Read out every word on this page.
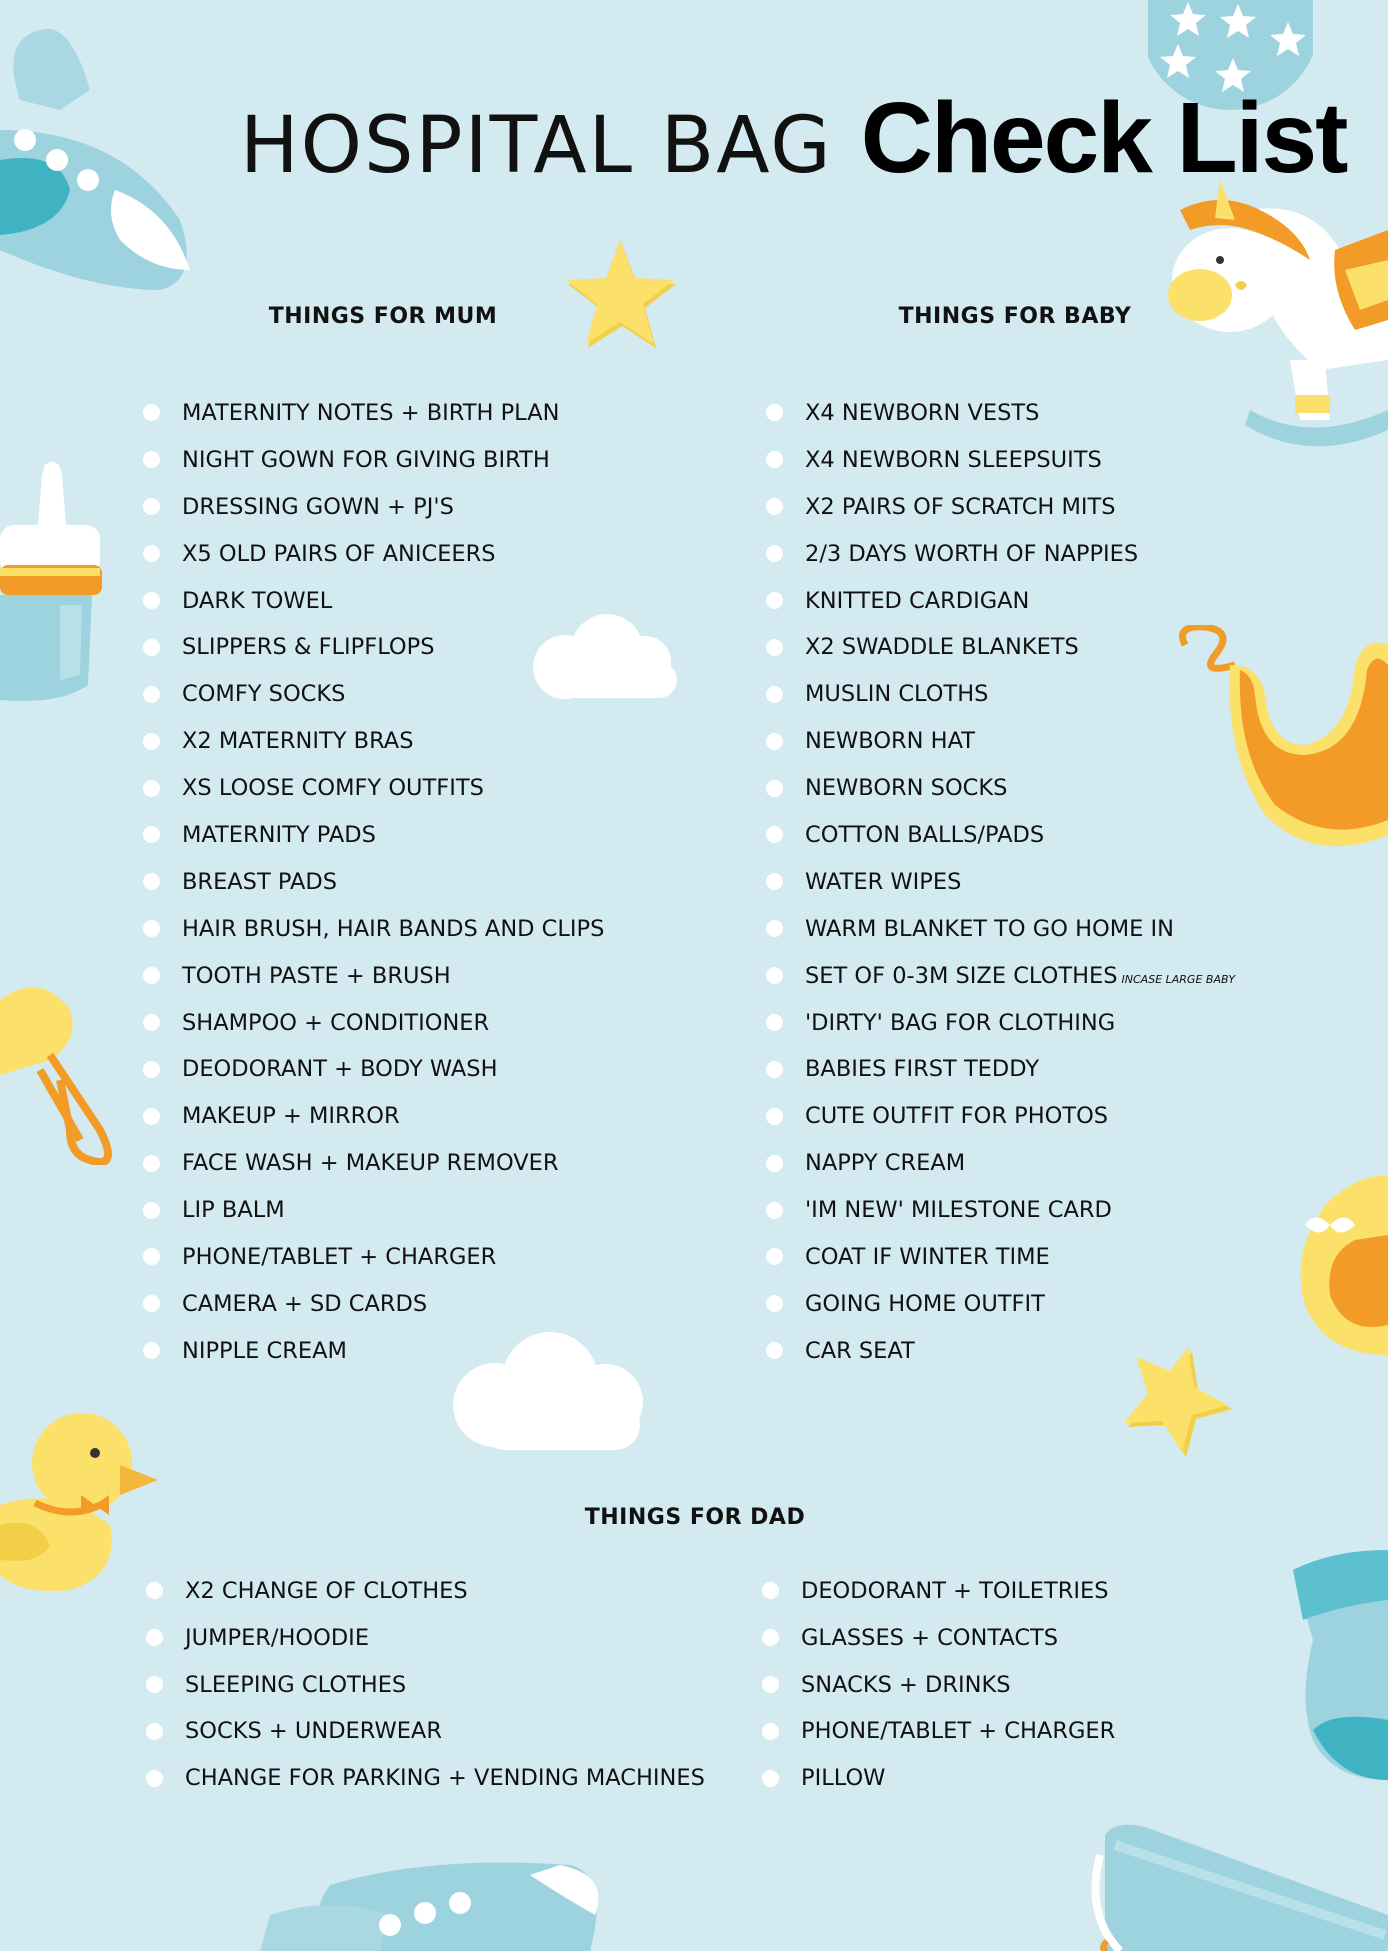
HOSPITAL BAG Check List
THINGS FOR MUM
MATERNITY NOTES + BIRTH PLAN
NIGHT GOWN FOR GIVING BIRTH
DRESSING GOWN + PJ'S
X5 OLD PAIRS OF ANICEERS
DARK TOWEL
SLIPPERS & FLIPFLOPS
COMFY SOCKS
X2 MATERNITY BRAS
XS LOOSE COMFY OUTFITS
MATERNITY PADS
BREAST PADS
HAIR BRUSH, HAIR BANDS AND CLIPS
TOOTH PASTE + BRUSH
SHAMPOO + CONDITIONER
DEODORANT + BODY WASH
MAKEUP + MIRROR
FACE WASH + MAKEUP REMOVER
LIP BALM
PHONE/TABLET + CHARGER
CAMERA + SD CARDS
NIPPLE CREAM
THINGS FOR BABY
X4 NEWBORN VESTS
X4 NEWBORN SLEEPSUITS
X2 PAIRS OF SCRATCH MITS
2/3 DAYS WORTH OF NAPPIES
KNITTED CARDIGAN
X2 SWADDLE BLANKETS
MUSLIN CLOTHS
NEWBORN HAT
NEWBORN SOCKS
COTTON BALLS/PADS
WATER WIPES
WARM BLANKET TO GO HOME IN
SET OF 0-3M SIZE CLOTHES INCASE LARGE BABY
'DIRTY' BAG FOR CLOTHING
BABIES FIRST TEDDY
CUTE OUTFIT FOR PHOTOS
NAPPY CREAM
'IM NEW' MILESTONE CARD
COAT IF WINTER TIME
GOING HOME OUTFIT
CAR SEAT
THINGS FOR DAD
X2 CHANGE OF CLOTHES
JUMPER/HOODIE
SLEEPING CLOTHES
SOCKS + UNDERWEAR
CHANGE FOR PARKING + VENDING MACHINES
DEODORANT + TOILETRIES
GLASSES + CONTACTS
SNACKS + DRINKS
PHONE/TABLET + CHARGER
PILLOW
